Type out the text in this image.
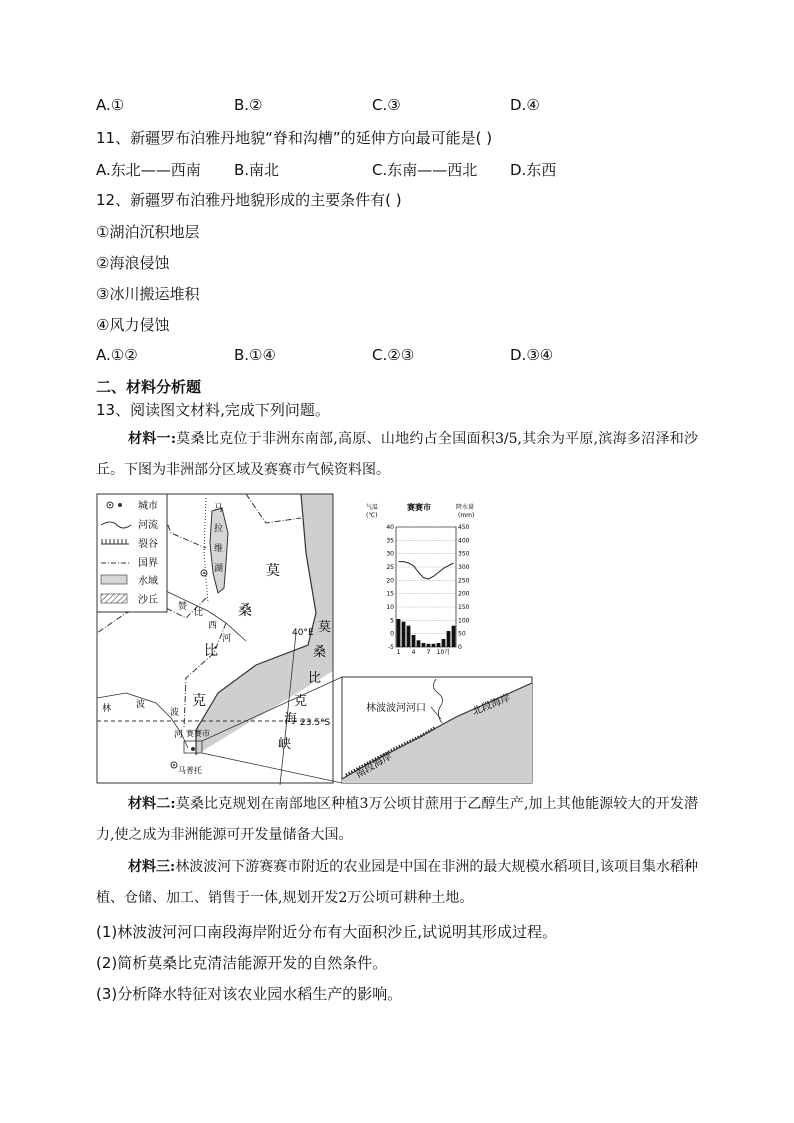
A.①	B.②	C.③	D.④
11、新疆罗布泊雅丹地貌“脊和沟槽”的延伸方向最可能是( )
A.东北——西南 B.南北	C.东南——西北 D.东西
12、新疆罗布泊雅丹地貌形成的主要条件有( )
①湖泊沉积地层
②海浪侵蚀
③冰川搬运堆积
④风力侵蚀
A.①②	B.①④	C.②③	D.③④
二、材料分析题
13、阅读图文材料,完成下列问题。
材料一:莫桑比克位于非洲东南部,高原、山地约占全国面积3/5,其余为平原,滨海多沼泽和沙丘。下图为非洲部分区域及赛赛市气候资料图。
城市
河流
裂谷
国界
水域
沙丘
马
拉
维
湖	莫
桑
比
克
赞
比
西
河
林	波
波
河
40°E
23.5°S
莫
桑
比
克
海
峡
赛赛市
马普托
林波波河河口	北段海岸
南段海岸
赛赛市
气温
(℃)
降水量
(mm)
40	450
35	400
30	350
25	300
20	250
15	200
10	150
5	100
0	50
-5	0
1 4 7 10月
材料二:莫桑比克规划在南部地区种植3万公顷甘蔗用于乙醇生产,加上其他能源较大的开发潜力,使之成为非洲能源可开发量储备大国。
材料三:林波波河下游赛赛市附近的农业园是中国在非洲的最大规模水稻项目,该项目集水稻种植、仓储、加工、销售于一体,规划开发2万公顷可耕种土地。
(1)林波波河河口南段海岸附近分布有大面积沙丘,试说明其形成过程。
(2)简析莫桑比克清洁能源开发的自然条件。
(3)分析降水特征对该农业园水稻生产的影响。
